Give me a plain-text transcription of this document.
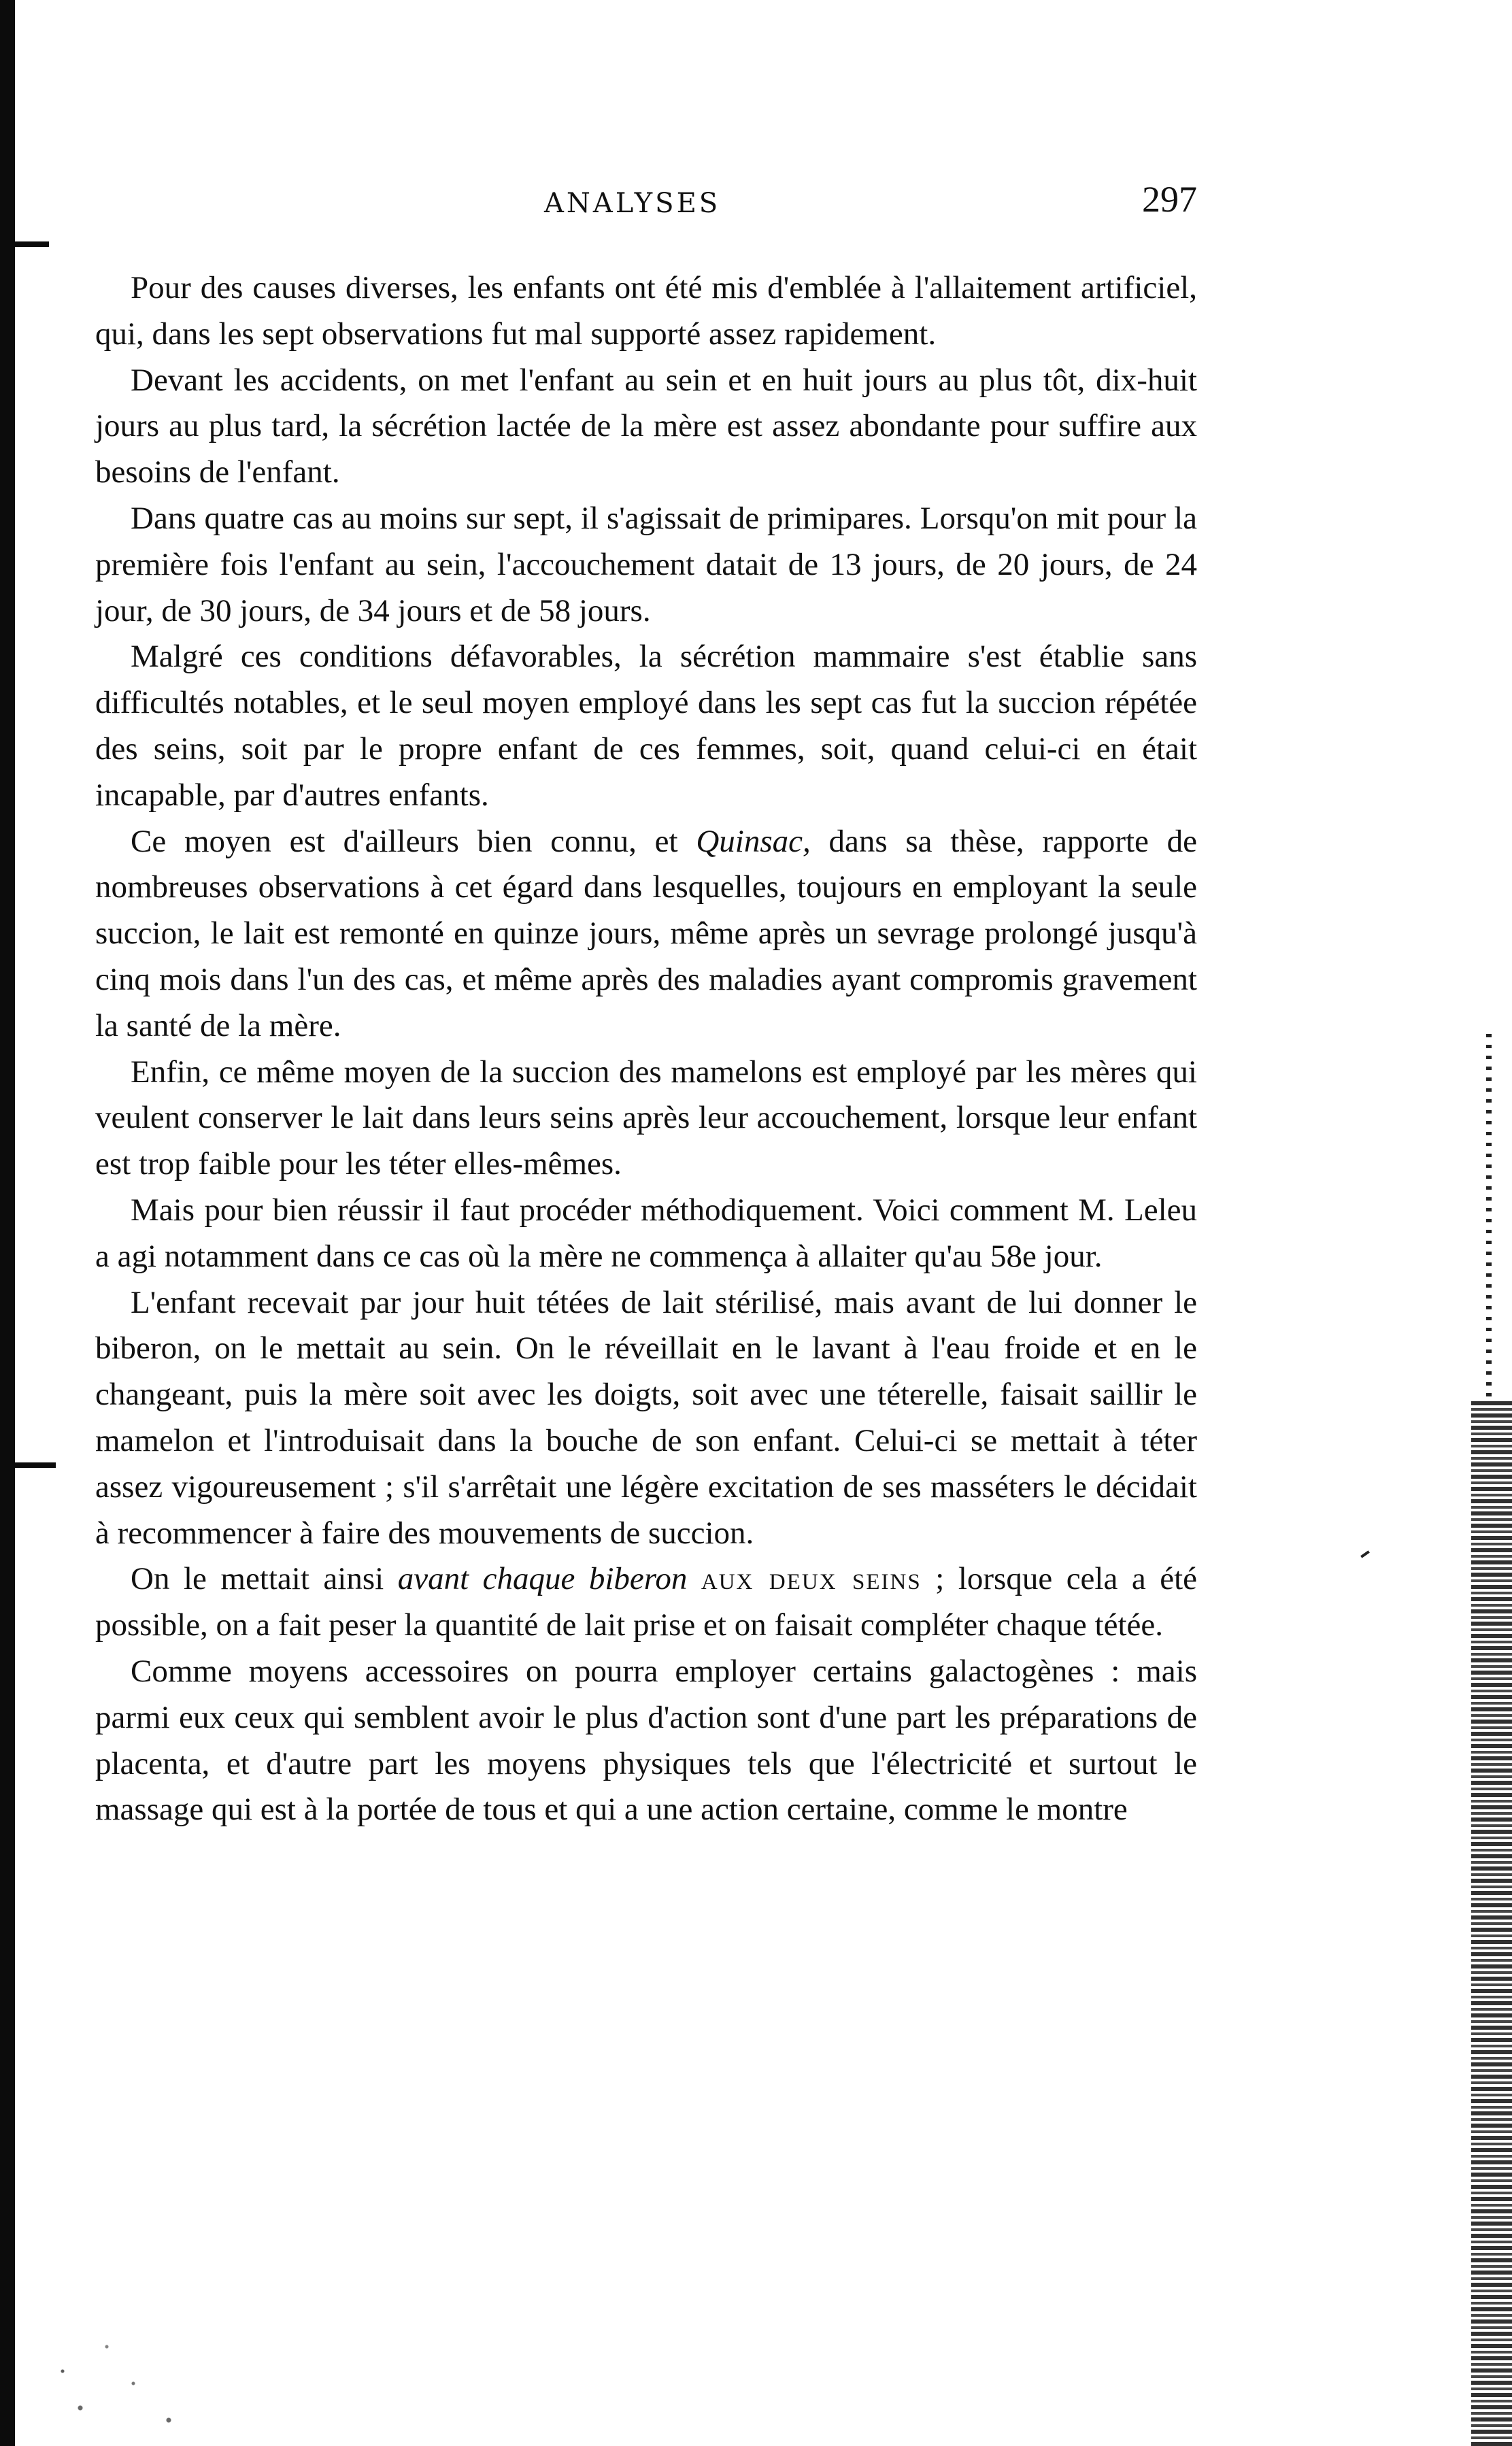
ANALYSES	297

Pour des causes diverses, les enfants ont été mis d'emblée à l'allaitement artificiel, qui, dans les sept observations fut mal supporté assez rapidement.

Devant les accidents, on met l'enfant au sein et en huit jours au plus tôt, dix-huit jours au plus tard, la sécrétion lactée de la mère est assez abondante pour suffire aux besoins de l'enfant.

Dans quatre cas au moins sur sept, il s'agissait de primipares. Lorsqu'on mit pour la première fois l'enfant au sein, l'accouchement datait de 13 jours, de 20 jours, de 24 jour, de 30 jours, de 34 jours et de 58 jours.

Malgré ces conditions défavorables, la sécrétion mammaire s'est établie sans difficultés notables, et le seul moyen employé dans les sept cas fut la succion répétée des seins, soit par le propre enfant de ces femmes, soit, quand celui-ci en était incapable, par d'autres enfants.

Ce moyen est d'ailleurs bien connu, et Quinsac, dans sa thèse, rapporte de nombreuses observations à cet égard dans lesquelles, toujours en employant la seule succion, le lait est remonté en quinze jours, même après un sevrage prolongé jusqu'à cinq mois dans l'un des cas, et même après des maladies ayant compromis gravement la santé de la mère.

Enfin, ce même moyen de la succion des mamelons est employé par les mères qui veulent conserver le lait dans leurs seins après leur accouchement, lorsque leur enfant est trop faible pour les téter elles-mêmes.

Mais pour bien réussir il faut procéder méthodiquement. Voici comment M. Leleu a agi notamment dans ce cas où la mère ne commença à allaiter qu'au 58e jour.

L'enfant recevait par jour huit tétées de lait stérilisé, mais avant de lui donner le biberon, on le mettait au sein. On le réveillait en le lavant à l'eau froide et en le changeant, puis la mère soit avec les doigts, soit avec une téterelle, faisait saillir le mamelon et l'introduisait dans la bouche de son enfant. Celui-ci se mettait à téter assez vigoureusement ; s'il s'arrêtait une légère excitation de ses masséters le décidait à recommencer à faire des mouvements de succion.

On le mettait ainsi avant chaque biberon aux deux seins ; lorsque cela a été possible, on a fait peser la quantité de lait prise et on faisait compléter chaque tétée.

Comme moyens accessoires on pourra employer certains galactogènes : mais parmi eux ceux qui semblent avoir le plus d'action sont d'une part les préparations de placenta, et d'autre part les moyens physiques tels que l'électricité et surtout le massage qui est à la portée de tous et qui a une action certaine, comme le montre
